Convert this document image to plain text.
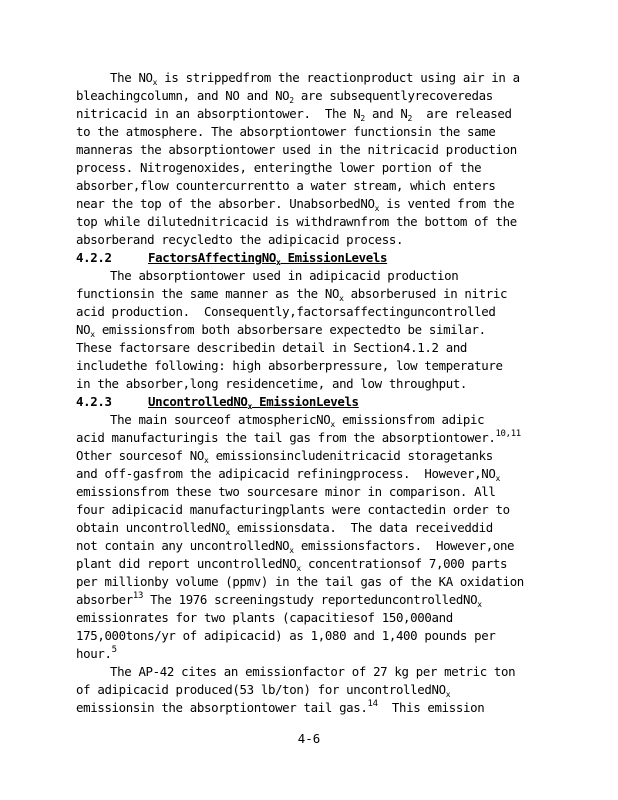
The $NO_x$ is strippedfrom the reactionproduct using air in a
bleachingcolumn, and NO and $NO_2$ are subsequentlyrecoveredas
nitricacid in an absorptiontower.  The $N_2$ and $N_2$  are released
to the atmosphere. The absorptiontower functionsin the same
manneras the absorptiontower used in the nitricacid production
process. Nitrogenoxides, enteringthe lower portion of the
absorber,flow countercurrentto a water stream, which enters
near the top of the absorber. UnabsorbedNO$_x$ is vented from the
top while dilutednitricacid is withdrawnfrom the bottom of the
absorberand recycledto the adipicacid process.
4.2.2	FactorsAffectingNO$_x$ EmissionLevels
The absorptiontower used in adipicacid production
functionsin the same manner as the $NO_x$ absorberused in nitric
acid production.  Consequently,factorsaffectinguncontrolled
$NO_x$ emissionsfrom both absorbersare expectedto be similar.
These factorsare describedin detail in Section4.1.2 and
includethe following: high absorberpressure, low temperature
in the absorber,long residencetime, and low throughput.
4.2.3	UncontrolledNO$_x$ EmissionLevels
The main sourceof atmosphericNO$_x$ emissionsfrom adipic
acid manufacturingis the tail gas from the absorptiontower.$^{10,11}$
Other sourcesof $NO_x$ emissionsincludenitricacid storagetanks
and off-gasfrom the adipicacid refiningprocess.  $However,NO_x$
emissionsfrom these two sourcesare minor in comparison. All
four adipicacid manufacturingplants were contactedin order to
obtain uncontrolledNO$_x$ emissionsdata.  The data receiveddid
not contain any uncontrolledNO$_x$ emissionsfactors.  However,one
plant did report uncontrolledNO$_x$ concentrationsof 7,000 parts
per millionby volume (ppmv) in the tail gas of the KA oxidation
absorber$^{13}$ The 1976 screeningstudy reporteduncontrolledNO$_x$
emissionrates for two plants (capacitiesof 150,000and
175,000tons/yr of adipicacid) as 1,080 and 1,400 pounds per
hour.$^5$
The AP-42 cites an emissionfactor of 27 kg per metric ton
of adipicacid produced(53 lb/ton) for uncontrolledNO$_x$
emissionsin the absorptiontower tail gas.$^{14}$  This emission
4-6
